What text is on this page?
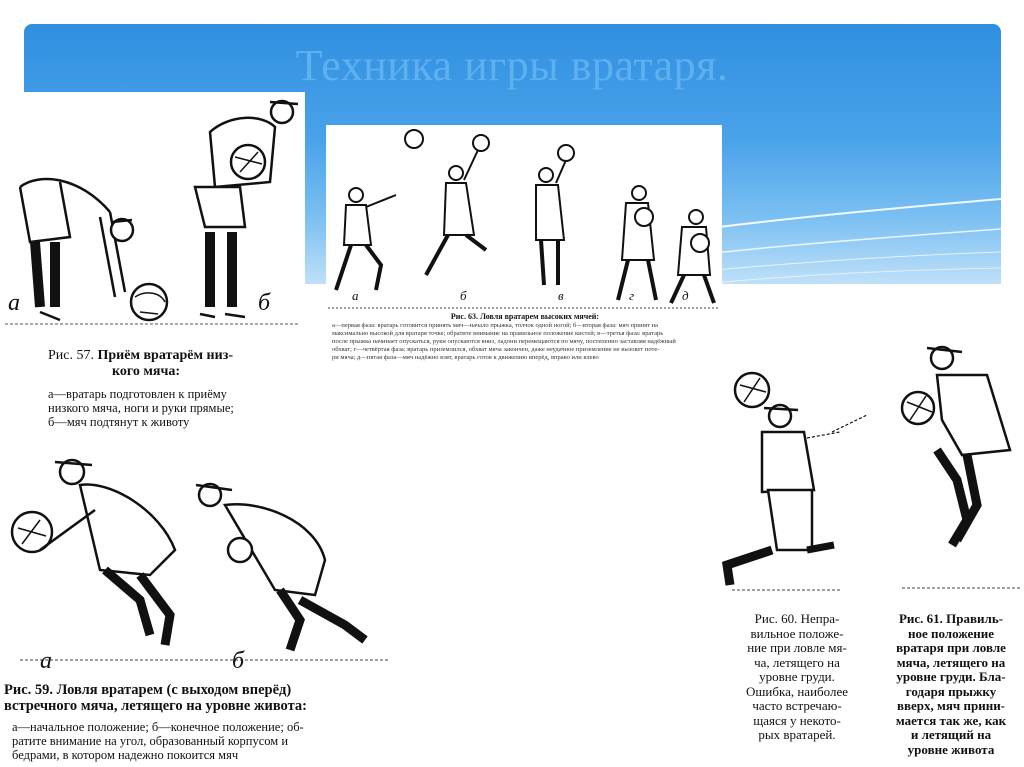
Техника игры вратаря.
а	б
Рис. 57. Приём вратарём низ-
кого мяча:
а—вратарь подготовлен к приёму
низкого мяча, ноги и руки прямые;
б—мяч подтянут к животу
а	б	в	г	д
Рис. 63. Ловля вратарем высоких мячей:
а—первая фаза: вратарь готовится принять мяч—начало прыжка, толчок одной ногой; б—вторая фаза: мяч принят на
максимально высокой для вратаря точке; обратите внимание на правильное положение кистей; в—третья фаза: вратарь
после прыжка начинает опускаться, руки опускаются вниз, ладони перемещаются по мячу, постепенно заставляя надёжный
обхват; г—четвёртая фаза: вратарь приземлился, обхват мяча закончен, даже неудачное приземление не вызовет поте-
ри мяча; д—пятая фаза—мяч надёжно взят, вратарь готов к движению вперёд, вправо или влево
а	б
Рис. 59. Ловля вратарем (с выходом вперёд)
встречного мяча, летящего на уровне живота:
а—начальное положение; б—конечное положение; об-
ратите внимание на угол, образованный корпусом и
бедрами, в котором надежно покоится мяч
Рис. 60. Непра-
вильное положе-
ние при ловле мя-
ча, летящего на
уровне груди.
Ошибка, наиболее
часто встречаю-
щаяся у некото-
рых вратарей.
Рис. 61. Правиль-
ное положение
вратаря при ловле
мяча, летящего на
уровне груди. Бла-
годаря прыжку
вверх, мяч прини-
мается так же, как
и летящий на
уровне живота
